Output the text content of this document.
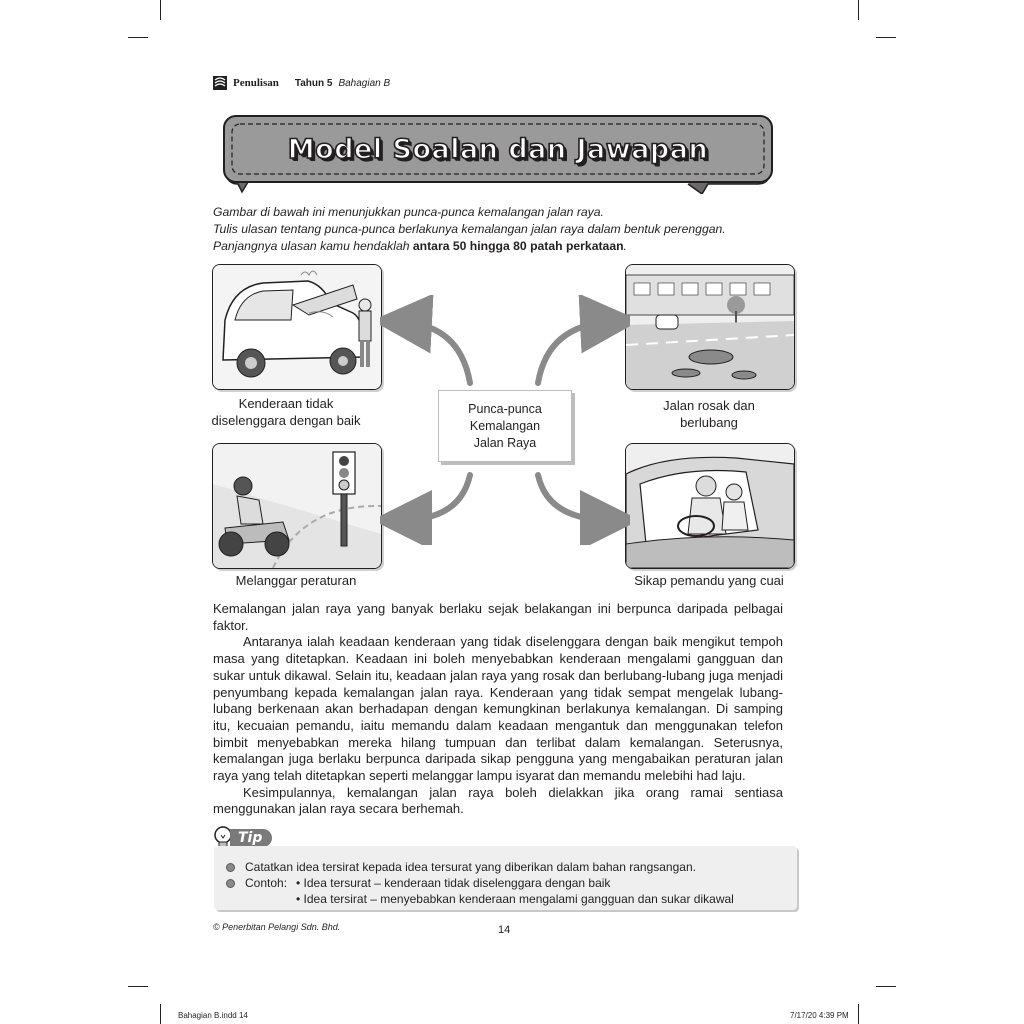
Penulisan Tahun 5 Bahagian B
Model Soalan dan Jawapan

Gambar di bawah ini menunjukkan punca-punca kemalangan jalan raya.

Tulis ulasan tentang punca-punca berlakunya kemalangan jalan raya dalam bentuk perenggan.

Panjangnya ulasan kamu hendaklah antara 50 hingga 80 patah perkataan.

Kenderaan tidak
diselenggara dengan baik
Jalan rosak dan
berlubang
Melanggar peraturan	Sikap pemandu yang cuai
Punca-punca
Kemalangan
Jalan Raya

Kemalangan jalan raya yang banyak berlaku sejak belakangan ini berpunca daripada pelbagai faktor.

Antaranya ialah keadaan kenderaan yang tidak diselenggara dengan baik mengikut tempoh masa yang ditetapkan. Keadaan ini boleh menyebabkan kenderaan mengalami gangguan dan sukar untuk dikawal. Selain itu, keadaan jalan raya yang rosak dan berlubang-lubang juga menjadi penyumbang kepada kemalangan jalan raya. Kenderaan yang tidak sempat mengelak lubang-lubang berkenaan akan berhadapan dengan kemungkinan berlakunya kemalangan. Di samping itu, kecuaian pemandu, iaitu memandu dalam keadaan mengantuk dan menggunakan telefon bimbit menyebabkan mereka hilang tumpuan dan terlibat dalam kemalangan. Seterusnya, kemalangan juga berlaku berpunca daripada sikap pengguna yang mengabaikan peraturan jalan raya yang telah ditetapkan seperti melanggar lampu isyarat dan memandu melebihi had laju.

Kesimpulannya, kemalangan jalan raya boleh dielakkan jika orang ramai sentiasa menggunakan jalan raya secara berhemah.

Tip
Catatkan idea tersirat kepada idea tersurat yang diberikan dalam bahan rangsangan.
Contoh:
•	Idea tersurat – kenderaan tidak diselenggara dengan baik
• Idea tersirat – menyebabkan kenderaan mengalami gangguan dan sukar dikawal
© Penerbitan Pelangi Sdn. Bhd.	14
Bahagian B.indd 14	7/17/20 4:39 PM
